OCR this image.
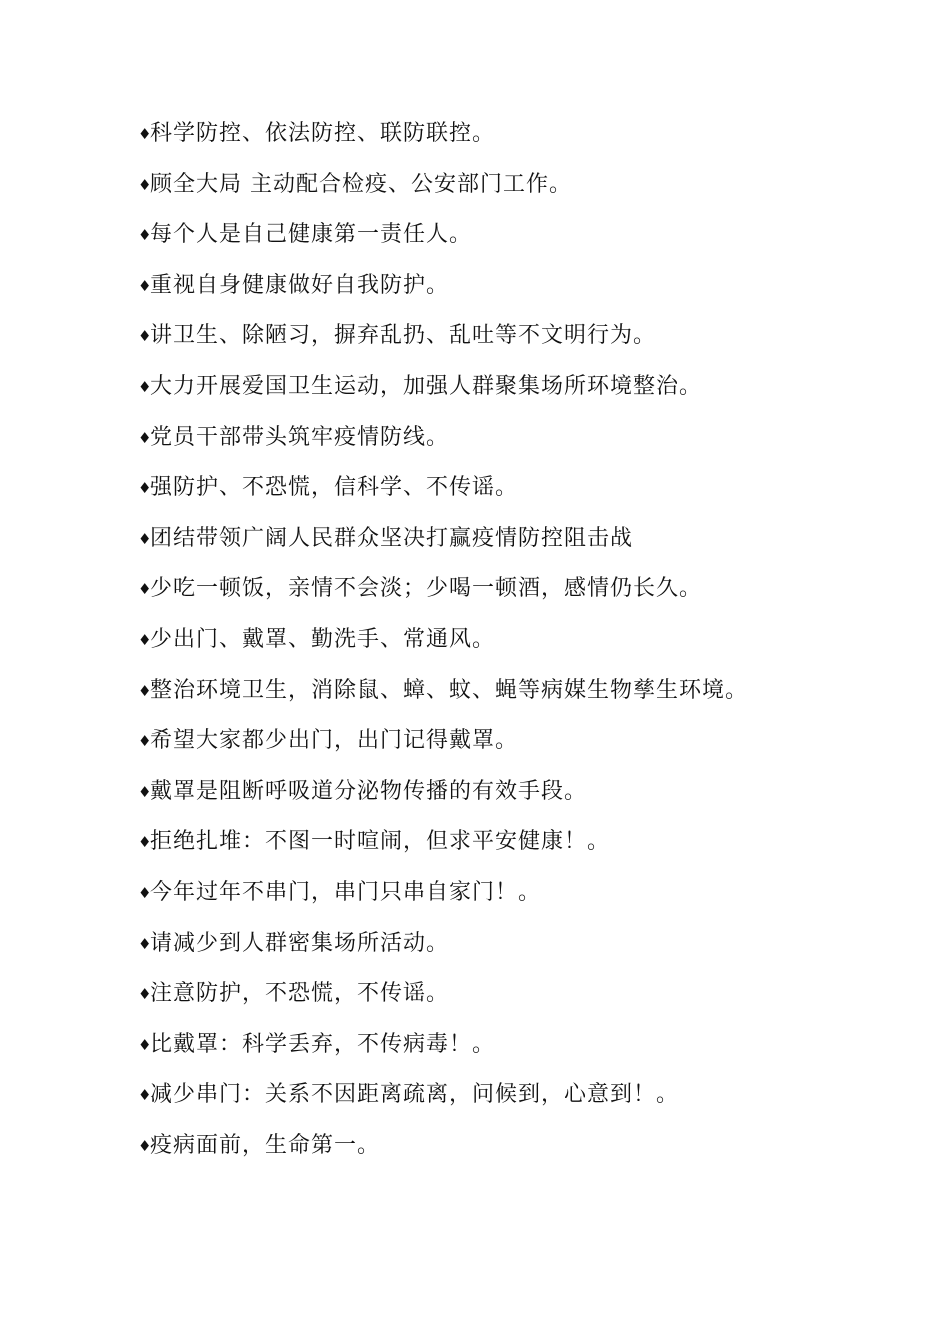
♦
科学防控、依法防控、联防联控。
♦
顾全大局 主动配合检疫、公安部门工作。
♦
每个人是自己健康第一责任人。
♦
重视自身健康做好自我防护。
♦
讲卫生、除陋习，摒弃乱扔、乱吐等不文明行为。
♦
大力开展爱国卫生运动，加强人群聚集场所环境整治。
♦
党员干部带头筑牢疫情防线。
♦
强防护、不恐慌，信科学、不传谣。
♦
团结带领广阔人民群众坚决打赢疫情防控阻击战
♦
少吃一顿饭，亲情不会淡；少喝一顿酒，感情仍长久。
♦
少出门、戴罩、勤洗手、常通风。
♦
整治环境卫生，消除鼠、蟑、蚊、蝇等病媒生物孳生环境。
♦
希望大家都少出门，出门记得戴罩。
♦
戴罩是阻断呼吸道分泌物传播的有效手段。
♦
拒绝扎堆：不图一时喧闹，但求平安健康！。
♦
今年过年不串门，串门只串自家门！。
♦
请减少到人群密集场所活动。
♦
注意防护，不恐慌，不传谣。
♦
比戴罩：科学丢弃，不传病毒！。
♦
减少串门：关系不因距离疏离，问候到，心意到！。
♦
疫病面前，生命第一。
